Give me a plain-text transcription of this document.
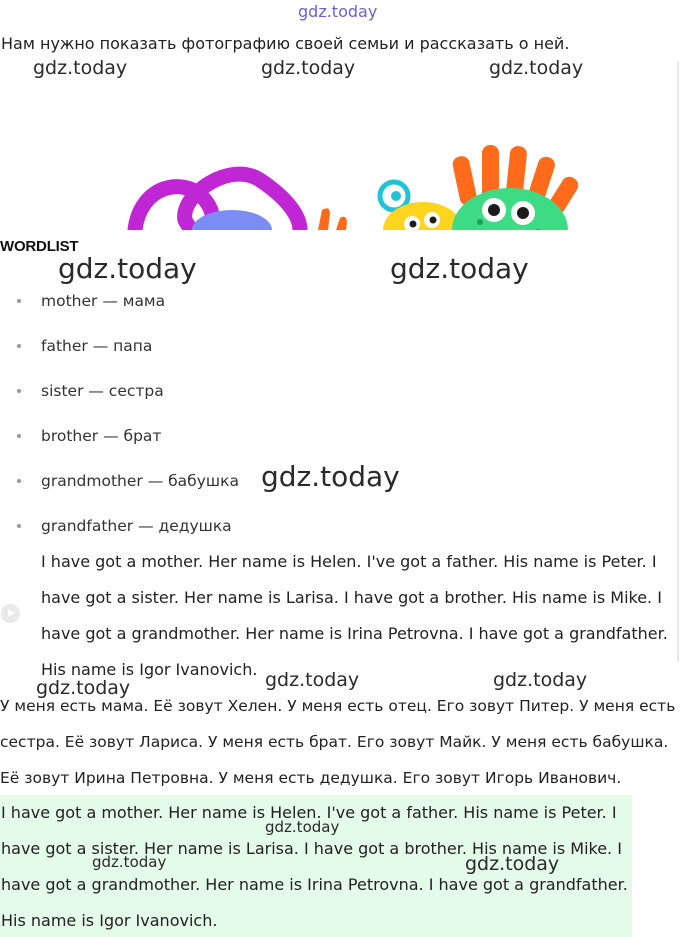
gdz.today

Нам нужно показать фотографию своей семьи и рассказать о ней.

gdz.today	gdz.today	gdz.today
WORDLIST
gdz.today	gdz.today
mother — мама
father — папа
sister — сестра
brother — брат
grandmother — бабушка
grandfather — дедушка
gdz.today

I have got a mother. Her name is Helen. I've got a father. His name is Peter. I have got a sister. Her name is Larisa. I have got a brother. His name is Mike. I have got a grandmother. Her name is Irina Petrovna. I have got a grandfather. His name is Igor Ivanovich.

gdz.today	gdz.today	gdz.today

У меня есть мама. Её зовут Хелен. У меня есть отец. Его зовут Питер. У меня есть сестра. Её зовут Лариса. У меня есть брат. Его зовут Майк. У меня есть бабушка. Её зовут Ирина Петровна. У меня есть дедушка. Его зовут Игорь Иванович.

I have got a mother. Her name is Helen. I've got a father. His name is Peter. I have got a sister. Her name is Larisa. I have got a brother. His name is Mike. I have got a grandmother. Her name is Irina Petrovna. I have got a grandfather. His name is Igor Ivanovich.

gdz.today
gdz.today	gdz.today
